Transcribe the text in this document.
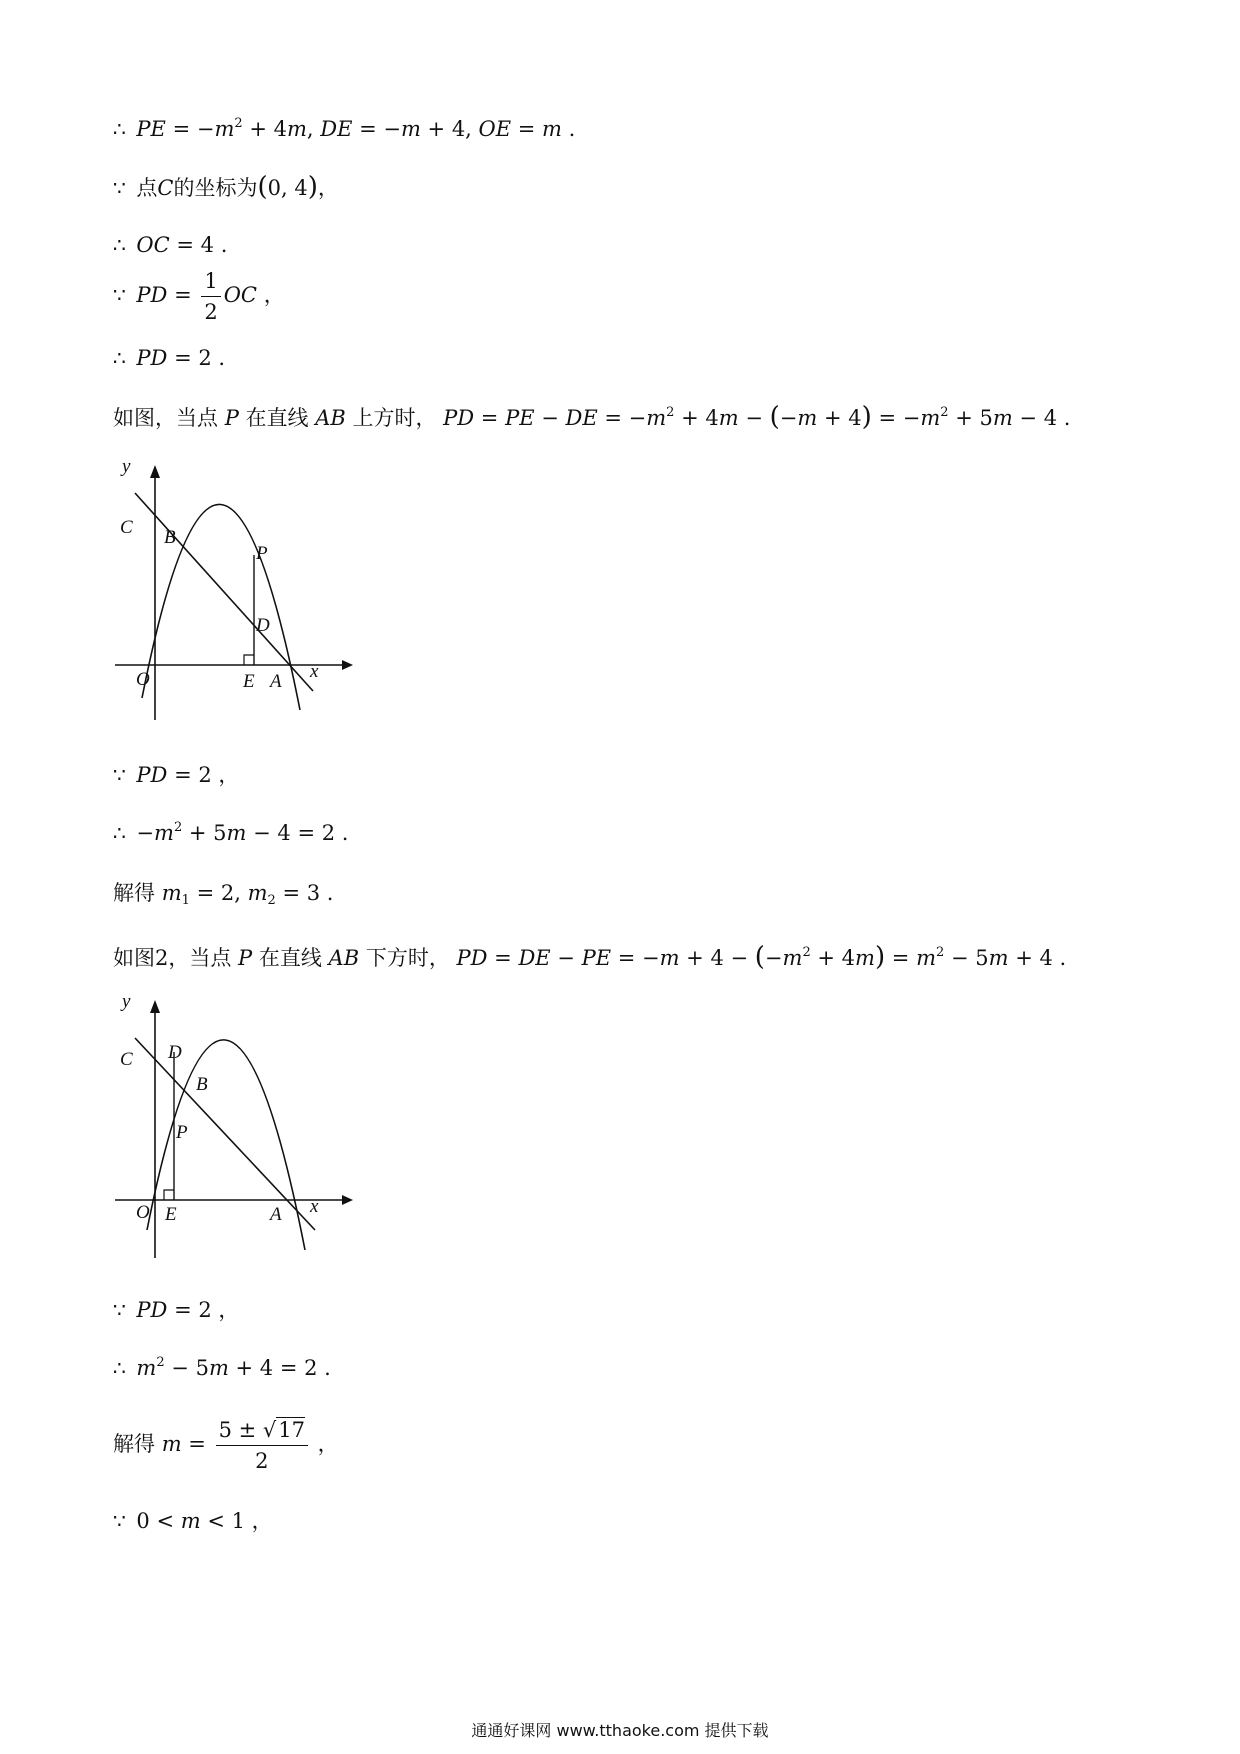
∴ PE = $-m^2 + 4m$, DE = −m + 4, OE = m .
∵ 点C的坐标为(0, 4)，
∴ OC = 4 .
∵ PD = $\frac{1}{2}$ OC ，
∴ PD = 2 .
如图，当点 P 在直线 AB 上方时， PD = PE − DE = $-m^2 + 4m - (-m + 4) = -m^2 + 5m - 4$ .
y
x
O
C B
P
D
E A
∵ PD = 2 ，
∴ $-m^2 + 5m - 4 = 2$ .
解得 $m_1 = 2$, $m_2 = 3$ .
如图2，当点 P 在直线 AB 下方时， PD = DE − PE = $-m + 4 - (-m^2 + 4m) = m^2 - 5m + 4$ .
y
x
O
C D
B
P
E	A
∵ PD = 2 ，
∴ $m^2 - 5m + 4 = 2$ .
解得 $m = \frac{5 \pm √17}{2}$ ，
∵ 0 < m < 1 ，
通通好课网 www.tthaoke.com 提供下载
